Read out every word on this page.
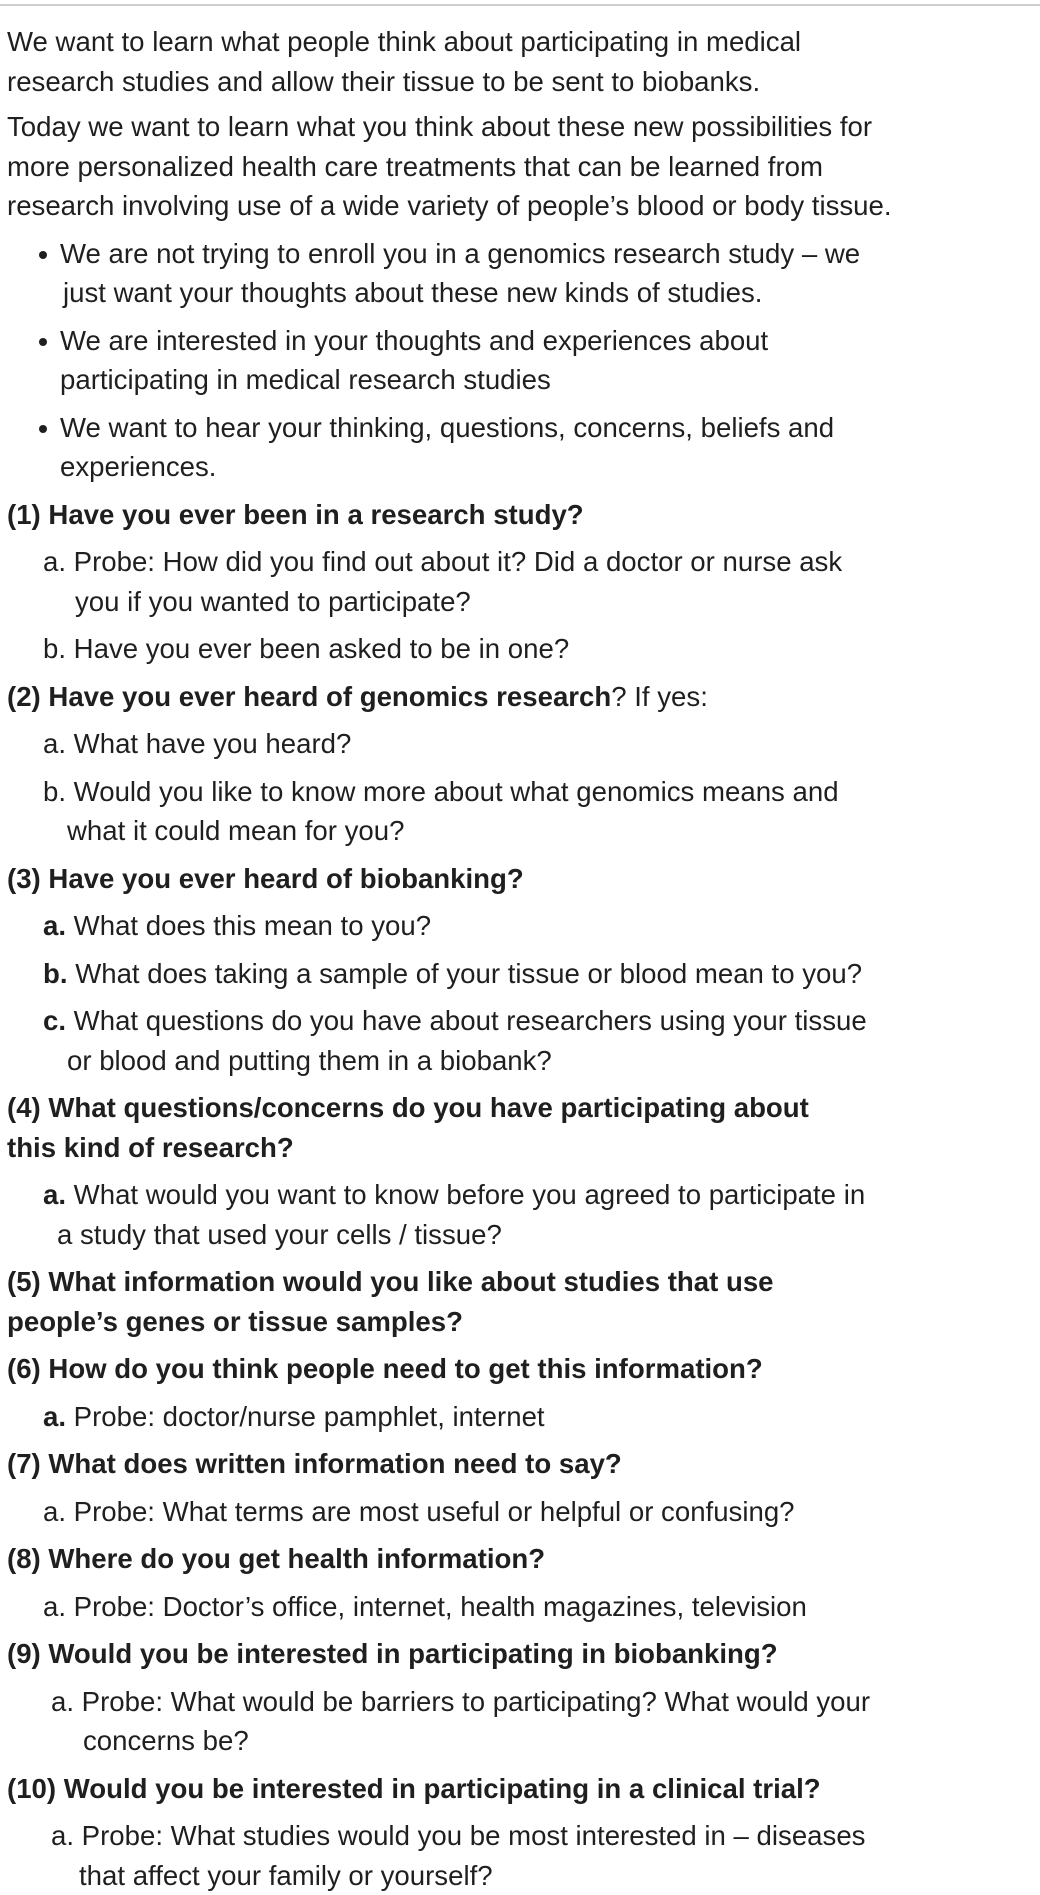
We want to learn what people think about participating in medical
research studies and allow their tissue to be sent to biobanks.

Today we want to learn what you think about these new possibilities for
more personalized health care treatments that can be learned from
research involving use of a wide variety of people’s blood or body tissue.

We are not trying to enroll you in a genomics research study – we
just want your thoughts about these new kinds of studies.
We are interested in your thoughts and experiences about
participating in medical research studies
We want to hear your thinking, questions, concerns, beliefs and
experiences.
(1) Have you ever been in a research study?
a. Probe: How did you find out about it? Did a doctor or nurse ask
you if you wanted to participate?
b. Have you ever been asked to be in one?
(2) Have you ever heard of genomics research? If yes:
a. What have you heard?
b. Would you like to know more about what genomics means and
what it could mean for you?
(3) Have you ever heard of biobanking?
a. What does this mean to you?
b. What does taking a sample of your tissue or blood mean to you?
c. What questions do you have about researchers using your tissue
or blood and putting them in a biobank?
(4) What questions/concerns do you have participating about
this kind of research?
a. What would you want to know before you agreed to participate in
a study that used your cells / tissue?
(5) What information would you like about studies that use
people’s genes or tissue samples?
(6) How do you think people need to get this information?
a. Probe: doctor/nurse pamphlet, internet
(7) What does written information need to say?
a. Probe: What terms are most useful or helpful or confusing?
(8) Where do you get health information?
a. Probe: Doctor’s office, internet, health magazines, television
(9) Would you be interested in participating in biobanking?
a. Probe: What would be barriers to participating? What would your
concerns be?
(10) Would you be interested in participating in a clinical trial?
a. Probe: What studies would you be most interested in – diseases
that affect your family or yourself?
